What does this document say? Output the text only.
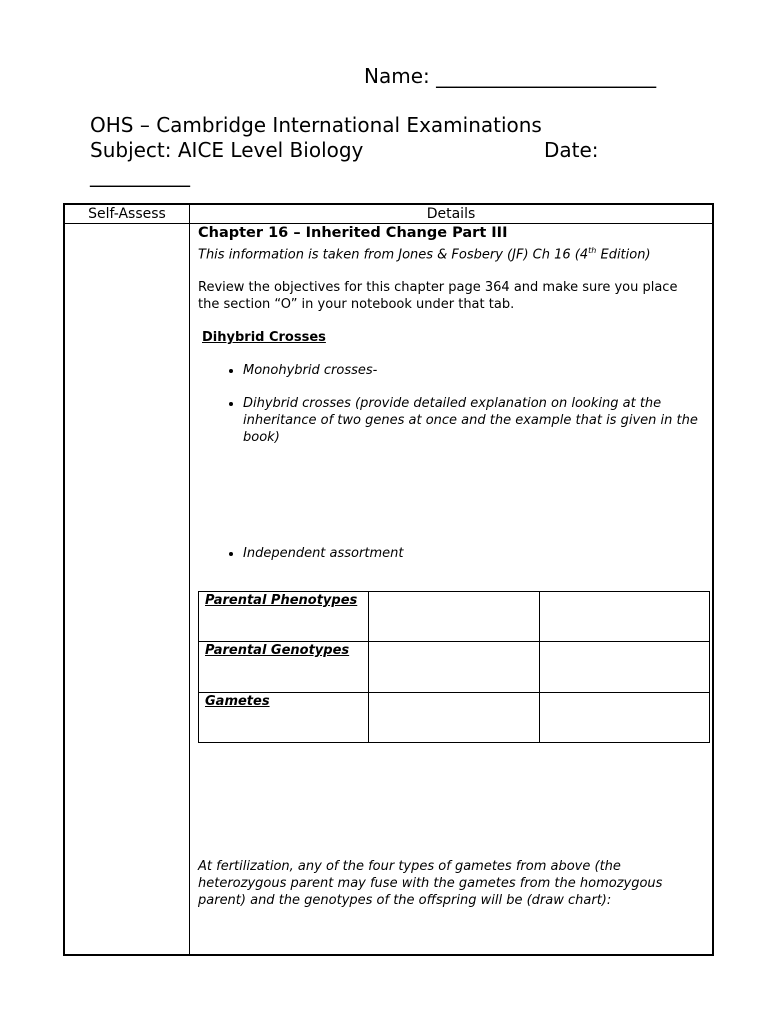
Name: ______________________
OHS – Cambridge International Examinations
Subject: AICE Level Biology	Date:
__________
Self-Assess	Details
Chapter 16 – Inherited Change Part III

This information is taken from Jones & Fosbery (JF) Ch 16 (4th Edition)

Review the objectives for this chapter page 364 and make sure you place the section “O” in your notebook under that tab.

Dihybrid Crosses

• Monohybrid crosses-
• Dihybrid crosses (provide detailed explanation on looking at the inheritance of two genes at once and the example that is given in the book)
• Independent assortment
Parental Phenotypes		
Parental Genotypes		
Gametes		
At fertilization, any of the four types of gametes from above (the heterozygous parent may fuse with the gametes from the homozygous parent) and the genotypes of the offspring will be (draw chart):
